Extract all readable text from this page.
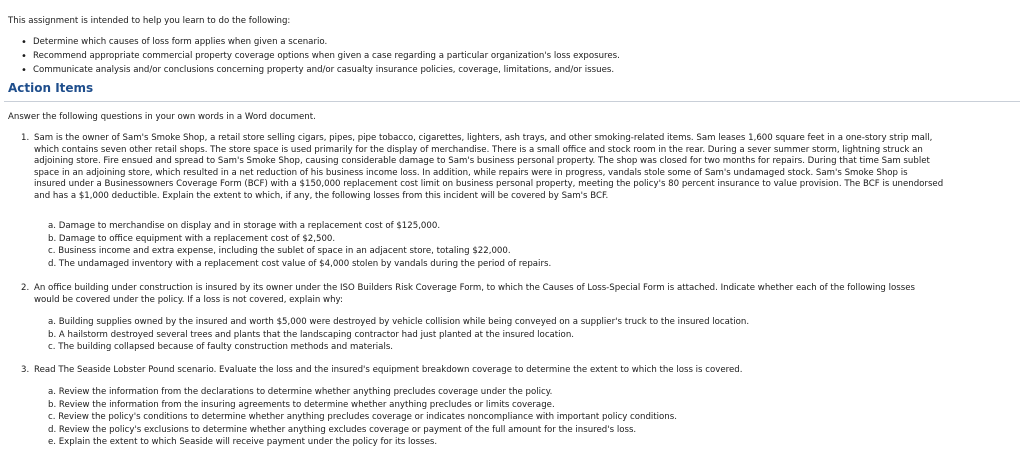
This assignment is intended to help you learn to do the following:
• Determine which causes of loss form applies when given a scenario.
• Recommend appropriate commercial property coverage options when given a case regarding a particular organization's loss exposures.
• Communicate analysis and/or conclusions concerning property and/or casualty insurance policies, coverage, limitations, and/or issues.
Action Items
Answer the following questions in your own words in a Word document.
1. Sam is the owner of Sam's Smoke Shop, a retail store selling cigars, pipes, pipe tobacco, cigarettes, lighters, ash trays, and other smoking-related items. Sam leases 1,600 square feet in a one-story strip mall,
which contains seven other retail shops. The store space is used primarily for the display of merchandise. There is a small office and stock room in the rear. During a sever summer storm, lightning struck an
adjoining store. Fire ensued and spread to Sam's Smoke Shop, causing considerable damage to Sam's business personal property. The shop was closed for two months for repairs. During that time Sam sublet
space in an adjoining store, which resulted in a net reduction of his business income loss. In addition, while repairs were in progress, vandals stole some of Sam's undamaged stock. Sam's Smoke Shop is
insured under a Businessowners Coverage Form (BCF) with a $150,000 replacement cost limit on business personal property, meeting the policy's 80 percent insurance to value provision. The BCF is unendorsed
and has a $1,000 deductible. Explain the extent to which, if any, the following losses from this incident will be covered by Sam's BCF.

a. Damage to merchandise on display and in storage with a replacement cost of $125,000.
b. Damage to office equipment with a replacement cost of $2,500.
c. Business income and extra expense, including the sublet of space in an adjacent store, totaling $22,000.
d. The undamaged inventory with a replacement cost value of $4,000 stolen by vandals during the period of repairs.
2. An office building under construction is insured by its owner under the ISO Builders Risk Coverage Form, to which the Causes of Loss-Special Form is attached. Indicate whether each of the following losses
would be covered under the policy. If a loss is not covered, explain why:

a. Building supplies owned by the insured and worth $5,000 were destroyed by vehicle collision while being conveyed on a supplier's truck to the insured location.
b. A hailstorm destroyed several trees and plants that the landscaping contractor had just planted at the insured location.
c. The building collapsed because of faulty construction methods and materials.
3. Read The Seaside Lobster Pound scenario. Evaluate the loss and the insured's equipment breakdown coverage to determine the extent to which the loss is covered.

a. Review the information from the declarations to determine whether anything precludes coverage under the policy.
b. Review the information from the insuring agreements to determine whether anything precludes or limits coverage.
c. Review the policy's conditions to determine whether anything precludes coverage or indicates noncompliance with important policy conditions.
d. Review the policy's exclusions to determine whether anything excludes coverage or payment of the full amount for the insured's loss.
e. Explain the extent to which Seaside will receive payment under the policy for its losses.
